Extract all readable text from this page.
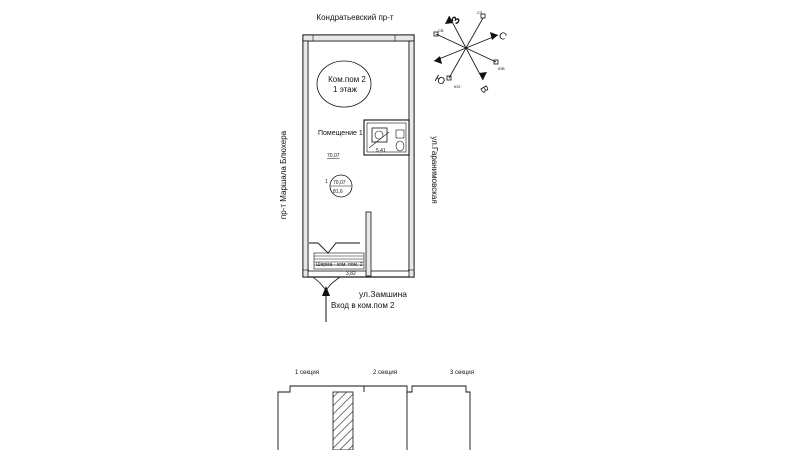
Кондратьевский пр-т
пр-т Маршала Блюхера	ул.Гаранимовская
ул.Замшина
5,41
Ком.пом 2
1 этаж
Помещение 1
70,07
70,07
81,6
1
Ширма - ком. пом. 2
3,82
Вход в ком.пом 2
З
С
Ю
В
СЗ
СВ
ЮЗ
ЮВ
1 секция	2 секция	3 секция
